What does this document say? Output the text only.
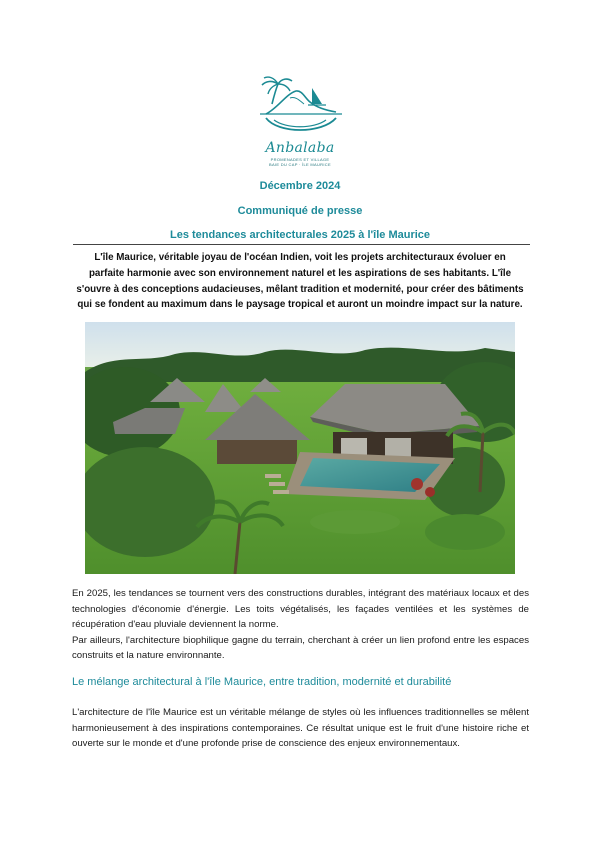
Anbalaba
PROMENADES ET VILLAGE
BAIE DU CAP · ÎLE MAURICE
Décembre 2024
Communiqué de presse
Les tendances architecturales 2025 à l'île Maurice
L'île Maurice, véritable joyau de l'océan Indien, voit les projets architecturaux évoluer en parfaite harmonie avec son environnement naturel et les aspirations de ses habitants. L'île s'ouvre à des conceptions audacieuses, mêlant tradition et modernité, pour créer des bâtiments qui se fondent au maximum dans le paysage tropical et auront un moindre impact sur la nature.

En 2025, les tendances se tournent vers des constructions durables, intégrant des matériaux locaux et des technologies d'économie d'énergie. Les toits végétalisés, les façades ventilées et les systèmes de récupération d'eau pluviale deviennent la norme.

Par ailleurs, l'architecture biophilique gagne du terrain, cherchant à créer un lien profond entre les espaces construits et la nature environnante.

Le mélange architectural à l'île Maurice, entre tradition, modernité et durabilité

L'architecture de l'île Maurice est un véritable mélange de styles où les influences traditionnelles se mêlent harmonieusement à des inspirations contemporaines. Ce résultat unique est le fruit d'une histoire riche et ouverte sur le monde et d'une profonde prise de conscience des enjeux environnementaux.
